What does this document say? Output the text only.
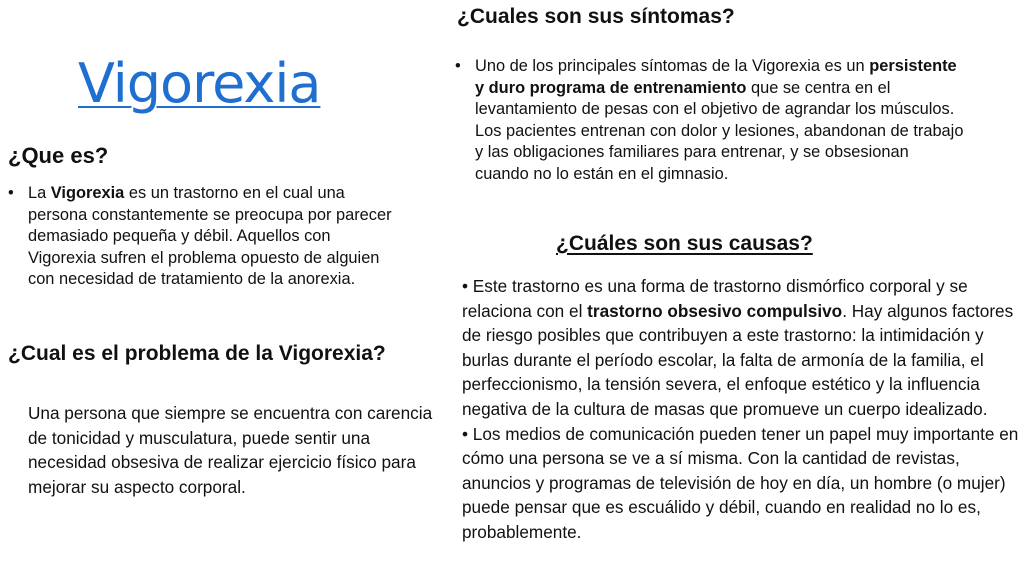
Vigorexia
¿Que es?
• La Vigorexia es un trastorno en el cual una persona constantemente se preocupa por parecer demasiado pequeña y débil. Aquellos con Vigorexia sufren el problema opuesto de alguien con necesidad de tratamiento de la anorexia.
¿Cual es el problema de la Vigorexia?
Una persona que siempre se encuentra con carencia de tonicidad y musculatura, puede sentir una necesidad obsesiva de realizar ejercicio físico para mejorar su aspecto corporal.
¿Cuales son sus síntomas?
• Uno de los principales síntomas de la Vigorexia es un persistente y duro programa de entrenamiento que se centra en el levantamiento de pesas con el objetivo de agrandar los músculos. Los pacientes entrenan con dolor y lesiones, abandonan de trabajo y las obligaciones familiares para entrenar, y se obsesionan cuando no lo están en el gimnasio.
¿Cuáles son sus causas?

• Este trastorno es una forma de trastorno dismórfico corporal y se relaciona con el trastorno obsesivo compulsivo. Hay algunos factores de riesgo posibles que contribuyen a este trastorno: la intimidación y burlas durante el período escolar, la falta de armonía de la familia, el perfeccionismo, la tensión severa, el enfoque estético y la influencia negativa de la cultura de masas que promueve un cuerpo idealizado.

• Los medios de comunicación pueden tener un papel muy importante en cómo una persona se ve a sí misma. Con la cantidad de revistas, anuncios y programas de televisión de hoy en día, un hombre (o mujer) puede pensar que es escuálido y débil, cuando en realidad no lo es, probablemente.
